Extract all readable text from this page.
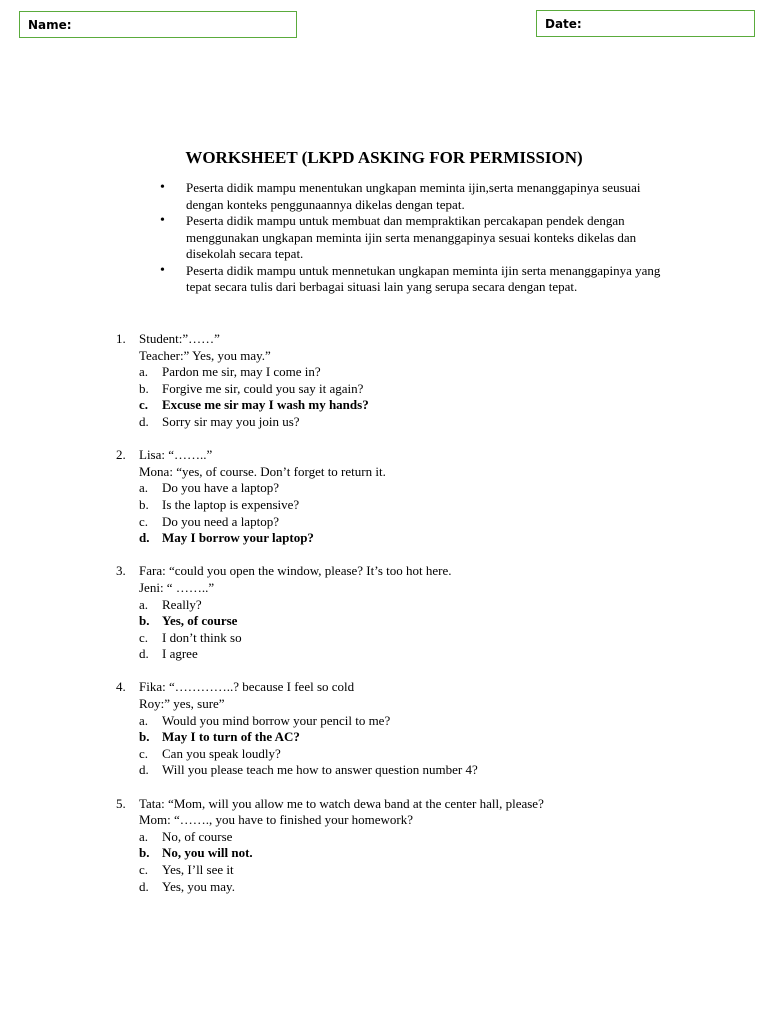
Name:	Date:
WORKSHEET (LKPD ASKING FOR PERMISSION)
• Peserta didik mampu menentukan ungkapan meminta ijin,serta menanggapinya seusuai dengan konteks penggunaannya dikelas dengan tepat.
• Peserta didik mampu untuk membuat dan mempraktikan percakapan pendek dengan menggunakan ungkapan meminta ijin serta menanggapinya sesuai konteks dikelas dan disekolah secara tepat.
• Peserta didik mampu untuk mennetukan ungkapan meminta ijin serta menanggapinya yang tepat secara tulis dari berbagai situasi lain yang serupa secara dengan tepat.
1. Student:”……”
Teacher:” Yes, you may.”
a. Pardon me sir, may I come in?
b. Forgive me sir, could you say it again?
c. Excuse me sir may I wash my hands?
d. Sorry sir may you join us?
2. Lisa: “……..”
Mona: “yes, of course. Don’t forget to return it.
a. Do you have a laptop?
b. Is the laptop is expensive?
c. Do you need a laptop?
d. May I borrow your laptop?
3. Fara: “could you open the window, please? It’s too hot here.
Jeni: “ ……..”
a. Really?
b. Yes, of course
c. I don’t think so
d. I agree
4. Fika: “…………..? because I feel so cold
Roy:” yes, sure”
a. Would you mind borrow your pencil to me?
b. May I to turn of the AC?
c. Can you speak loudly?
d. Will you please teach me how to answer question number 4?
5. Tata: “Mom, will you allow me to watch dewa band at the center hall, please?
Mom: “……., you have to finished your homework?
a. No, of course
b. No, you will not.
c. Yes, I’ll see it
d. Yes, you may.
